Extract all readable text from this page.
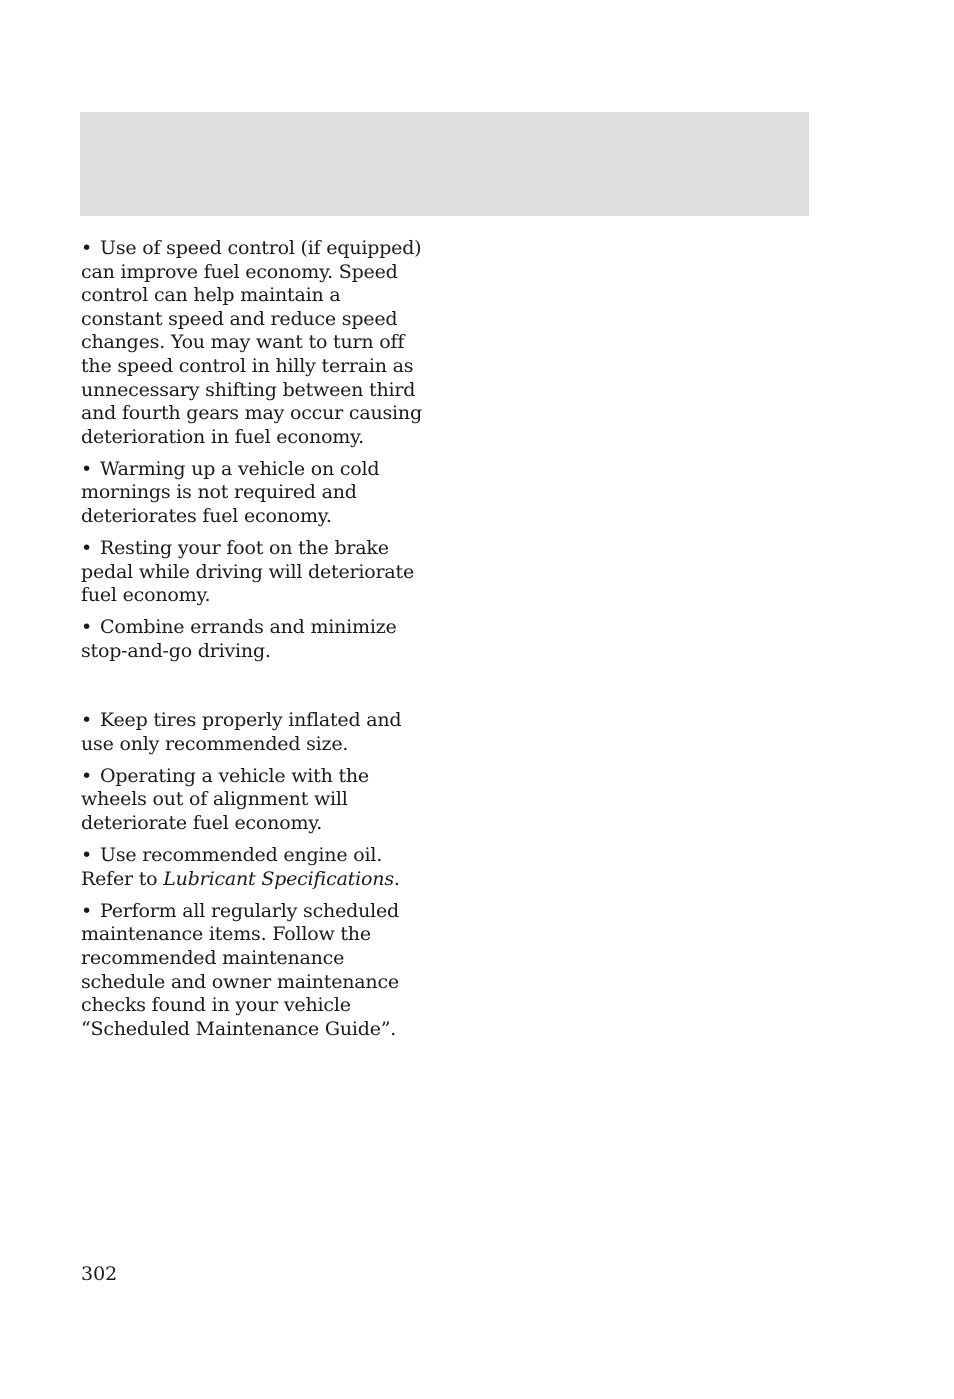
• Use of speed control (if equipped) can improve fuel economy. Speed control can help maintain a constant speed and reduce speed changes. You may want to turn off the speed control in hilly terrain as unnecessary shifting between third and fourth gears may occur causing deterioration in fuel economy.

• Warming up a vehicle on cold mornings is not required and deteriorates fuel economy.

• Resting your foot on the brake pedal while driving will deteriorate fuel economy.

• Combine errands and minimize stop-and-go driving.

• Keep tires properly inflated and use only recommended size.

• Operating a vehicle with the wheels out of alignment will deteriorate fuel economy.

• Use recommended engine oil. Refer to Lubricant Specifications.

• Perform all regularly scheduled maintenance items. Follow the recommended maintenance schedule and owner maintenance checks found in your vehicle “Scheduled Maintenance Guide”.

302
